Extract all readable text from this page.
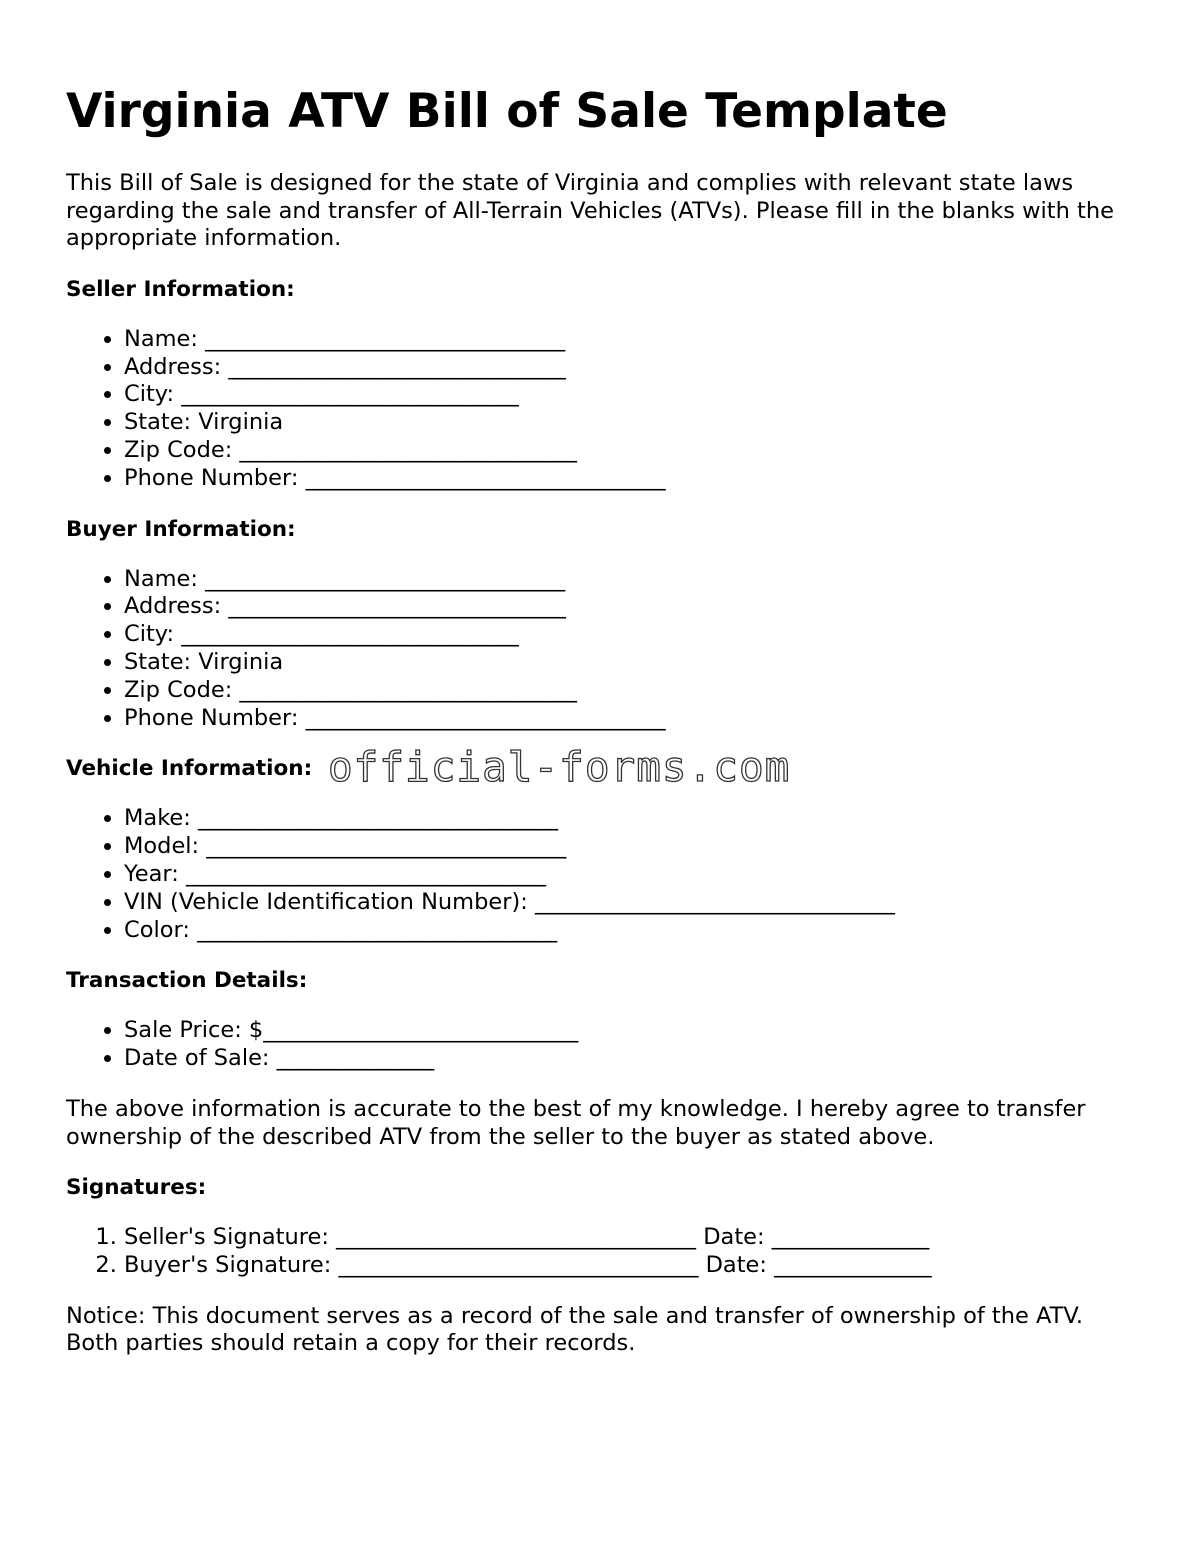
Virginia ATV Bill of Sale Template

This Bill of Sale is designed for the state of Virginia and complies with relevant state laws regarding the sale and transfer of All-Terrain Vehicles (ATVs). Please fill in the blanks with the appropriate information.

Seller Information:
• Name: ________________________________
• Address: ______________________________
• City: ______________________________
• State: Virginia
• Zip Code: ______________________________
• Phone Number: ________________________________
Buyer Information:
• Name: ________________________________
• Address: ______________________________
• City: ______________________________
• State: Virginia
• Zip Code: ______________________________
• Phone Number: ________________________________
Vehicle Information: official-forms.com
• Make: ________________________________
• Model: ________________________________
• Year: ________________________________
• VIN (Vehicle Identification Number): ________________________________
• Color: ________________________________
Transaction Details:
• Sale Price: $____________________________
• Date of Sale: ______________

The above information is accurate to the best of my knowledge. I hereby agree to transfer ownership of the described ATV from the seller to the buyer as stated above.

Signatures:
1. Seller's Signature: ________________________________ Date: ______________
2. Buyer's Signature: ________________________________ Date: ______________

Notice: This document serves as a record of the sale and transfer of ownership of the ATV. Both parties should retain a copy for their records.
